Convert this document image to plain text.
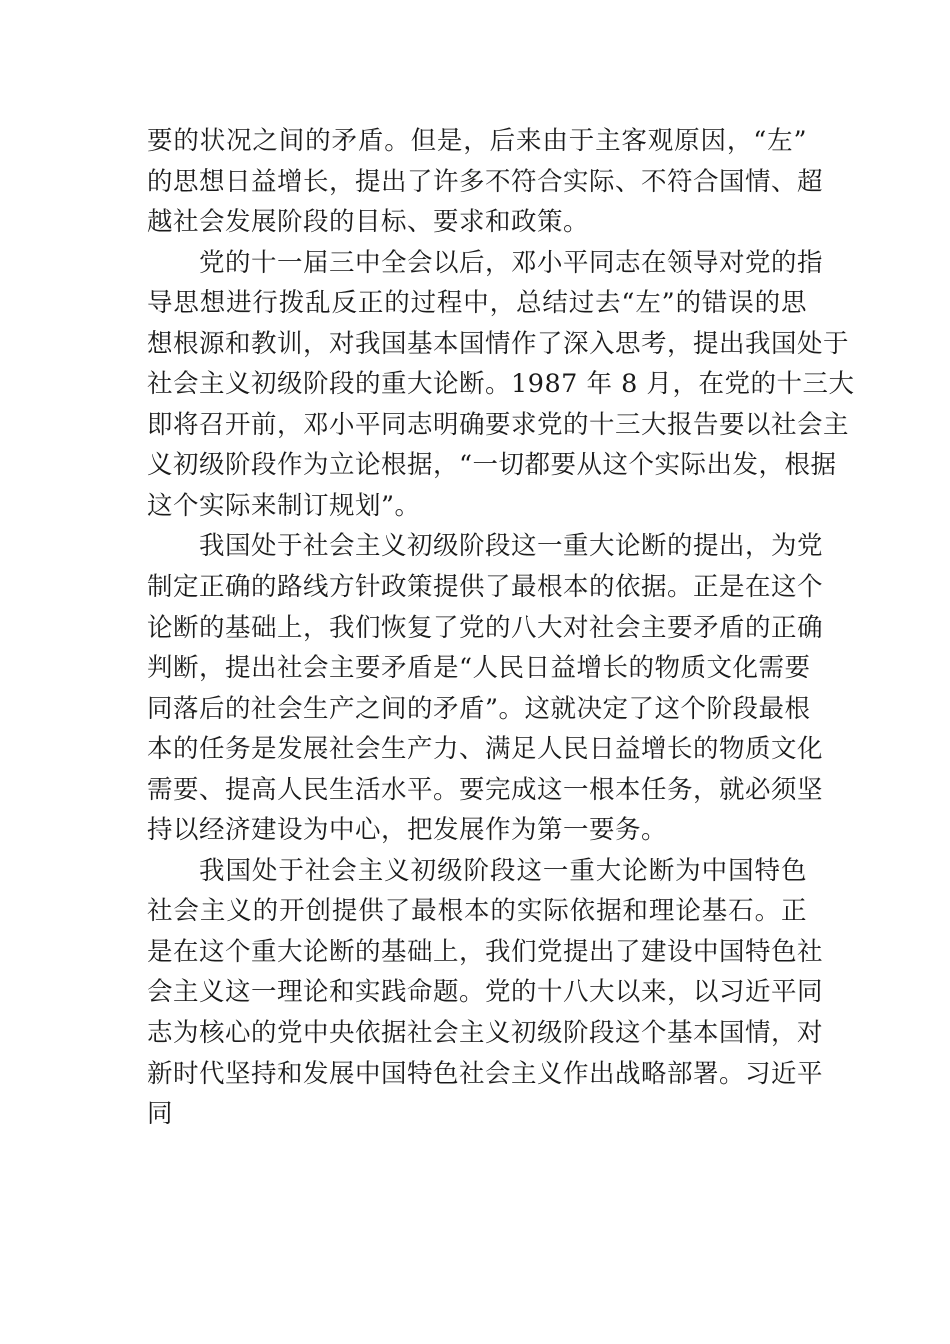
要的状况之间的矛盾。但是，后来由于主客观原因，“左”
的思想日益增长，提出了许多不符合实际、不符合国情、超
越社会发展阶段的目标、要求和政策。
党的十一届三中全会以后，邓小平同志在领导对党的指
导思想进行拨乱反正的过程中，总结过去“左”的错误的思
想根源和教训，对我国基本国情作了深入思考，提出我国处于
社会主义初级阶段的重大论断。1987 年 8 月，在党的十三大
即将召开前，邓小平同志明确要求党的十三大报告要以社会主
义初级阶段作为立论根据，“一切都要从这个实际出发，根据
这个实际来制订规划”。
我国处于社会主义初级阶段这一重大论断的提出，为党
制定正确的路线方针政策提供了最根本的依据。正是在这个
论断的基础上，我们恢复了党的八大对社会主要矛盾的正确
判断，提出社会主要矛盾是“人民日益增长的物质文化需要
同落后的社会生产之间的矛盾”。这就决定了这个阶段最根
本的任务是发展社会生产力、满足人民日益增长的物质文化
需要、提高人民生活水平。要完成这一根本任务，就必须坚
持以经济建设为中心，把发展作为第一要务。
我国处于社会主义初级阶段这一重大论断为中国特色
社会主义的开创提供了最根本的实际依据和理论基石。正
是在这个重大论断的基础上，我们党提出了建设中国特色社
会主义这一理论和实践命题。党的十八大以来，以习近平同
志为核心的党中央依据社会主义初级阶段这个基本国情，对
新时代坚持和发展中国特色社会主义作出战略部署。习近平
同
